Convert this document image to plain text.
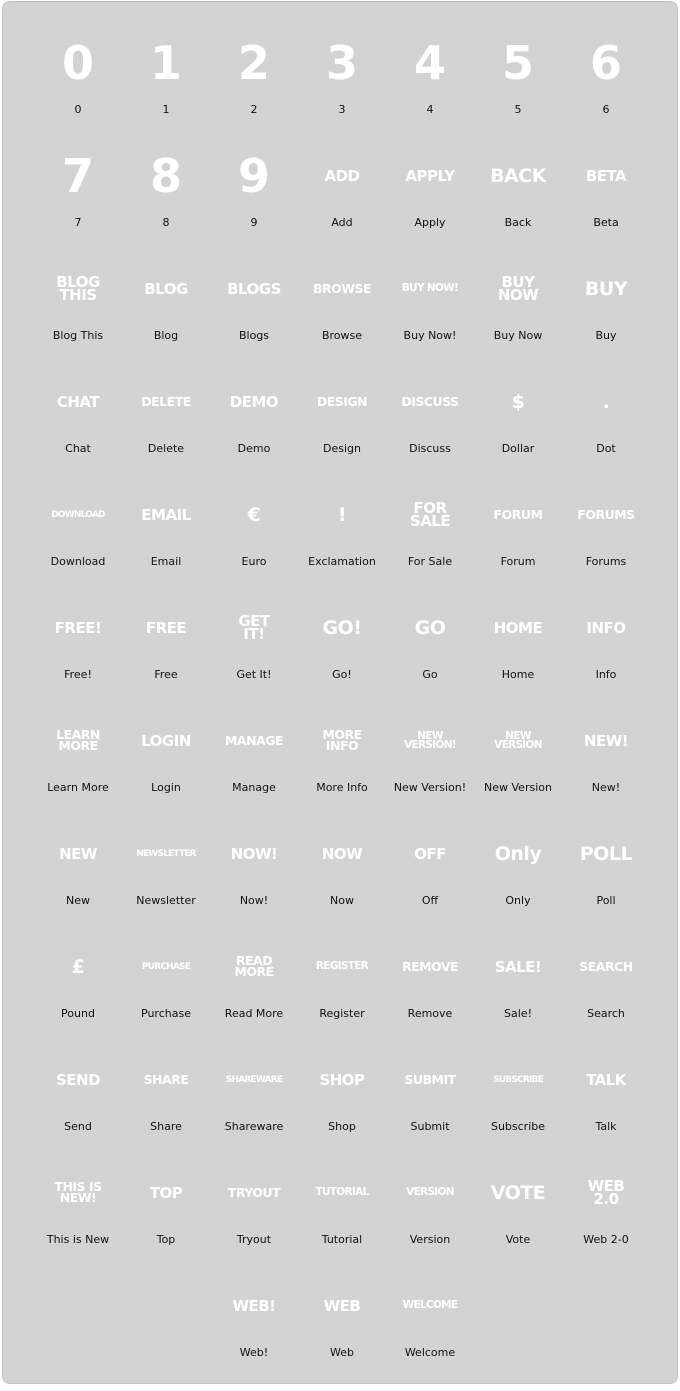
0
0
1
1
2
2
3
3
4
4
5
5
6
6
7
7
8
8
9
9
ADD
Add
APPLY
Apply
BACK
Back
BETA
Beta
BLOG
THIS
Blog This
BLOG
Blog
BLOGS
Blogs
BROWSE
Browse
BUY NOW!
Buy Now!
BUY
NOW
Buy Now
BUY
Buy
CHAT
Chat
DELETE
Delete
DEMO
Demo
DESIGN
Design
DISCUSS
Discuss
$
Dollar
.
Dot
DOWNLOAD
Download
EMAIL
Email
€
Euro
!
Exclamation
FOR
SALE
For Sale
FORUM
Forum
FORUMS
Forums
FREE!
Free!
FREE
Free
GET
IT!
Get It!
GO!
Go!
GO
Go
HOME
Home
INFO
Info
LEARN
MORE
Learn More
LOGIN
Login
MANAGE
Manage
MORE
INFO
More Info
NEW
VERSION!
New Version!
NEW
VERSION
New Version
NEW!
New!
NEW
New
NEWSLETTER
Newsletter
NOW!
Now!
NOW
Now
OFF
Off
Only
Only
POLL
Poll
£
Pound
PURCHASE
Purchase
READ
MORE
Read More
REGISTER
Register
REMOVE
Remove
SALE!
Sale!
SEARCH
Search
SEND
Send
SHARE
Share
SHAREWARE
Shareware
SHOP
Shop
SUBMIT
Submit
SUBSCRIBE
Subscribe
TALK
Talk
THIS IS
NEW!
This is New
TOP
Top
TRYOUT
Tryout
TUTORIAL
Tutorial
VERSION
Version
VOTE
Vote
WEB
2.0
Web 2-0
WEB!
Web!
WEB
Web
WELCOME
Welcome
